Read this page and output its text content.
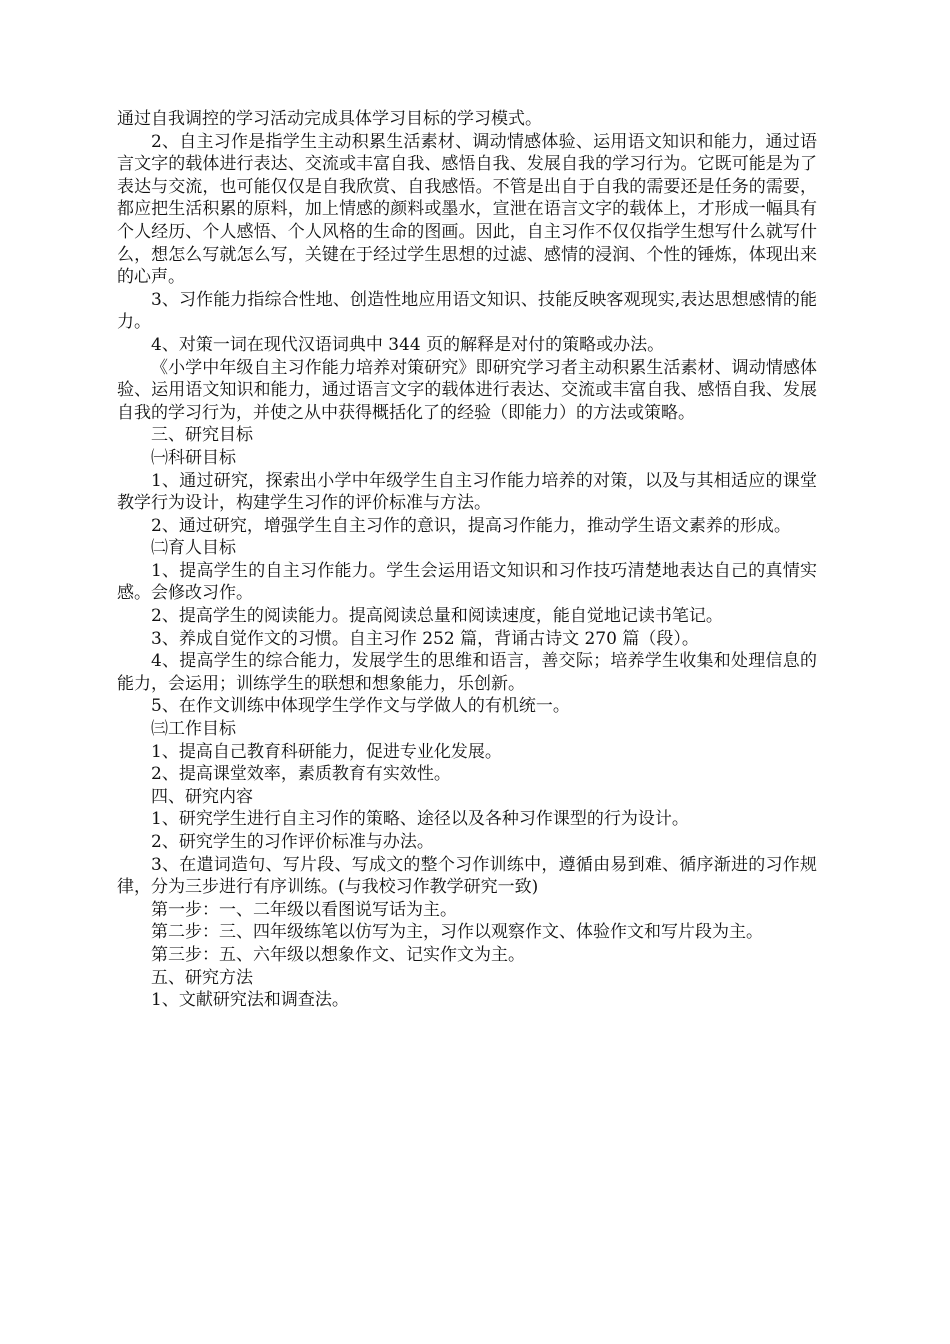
通过自我调控的学习活动完成具体学习目标的学习模式。

2、自主习作是指学生主动积累生活素材、调动情感体验、运用语文知识和能力，通过语言文字的载体进行表达、交流或丰富自我、感悟自我、发展自我的学习行为。它既可能是为了表达与交流，也可能仅仅是自我欣赏、自我感悟。不管是出自于自我的需要还是任务的需要，都应把生活积累的原料，加上情感的颜料或墨水，宣泄在语言文字的载体上，才形成一幅具有个人经历、个人感悟、个人风格的生命的图画。因此，自主习作不仅仅指学生想写什么就写什么，想怎么写就怎么写，关键在于经过学生思想的过滤、感情的浸润、个性的锤炼，体现出来的心声。

3、习作能力指综合性地、创造性地应用语文知识、技能反映客观现实,表达思想感情的能力。

4、对策一词在现代汉语词典中 344 页的解释是对付的策略或办法。

《小学中年级自主习作能力培养对策研究》即研究学习者主动积累生活素材、调动情感体验、运用语文知识和能力，通过语言文字的载体进行表达、交流或丰富自我、感悟自我、发展自我的学习行为，并使之从中获得概括化了的经验（即能力）的方法或策略。

三、研究目标

㈠科研目标

1、通过研究，探索出小学中年级学生自主习作能力培养的对策，以及与其相适应的课堂教学行为设计，构建学生习作的评价标准与方法。

2、通过研究，增强学生自主习作的意识，提高习作能力，推动学生语文素养的形成。

㈡育人目标

1、提高学生的自主习作能力。学生会运用语文知识和习作技巧清楚地表达自己的真情实感。会修改习作。

2、提高学生的阅读能力。提高阅读总量和阅读速度，能自觉地记读书笔记。

3、养成自觉作文的习惯。自主习作 252 篇，背诵古诗文 270 篇（段）。

4、提高学生的综合能力，发展学生的思维和语言，善交际；培养学生收集和处理信息的能力，会运用；训练学生的联想和想象能力，乐创新。

5、在作文训练中体现学生学作文与学做人的有机统一。

㈢工作目标

1、提高自己教育科研能力，促进专业化发展。

2、提高课堂效率，素质教育有实效性。

四、研究内容

1、研究学生进行自主习作的策略、途径以及各种习作课型的行为设计。

2、研究学生的习作评价标准与办法。

3、在遣词造句、写片段、写成文的整个习作训练中，遵循由易到难、循序渐进的习作规律，分为三步进行有序训练。(与我校习作教学研究一致)

第一步：一、二年级以看图说写话为主。

第二步：三、四年级练笔以仿写为主，习作以观察作文、体验作文和写片段为主。

第三步：五、六年级以想象作文、记实作文为主。

五、研究方法

1、文献研究法和调查法。
